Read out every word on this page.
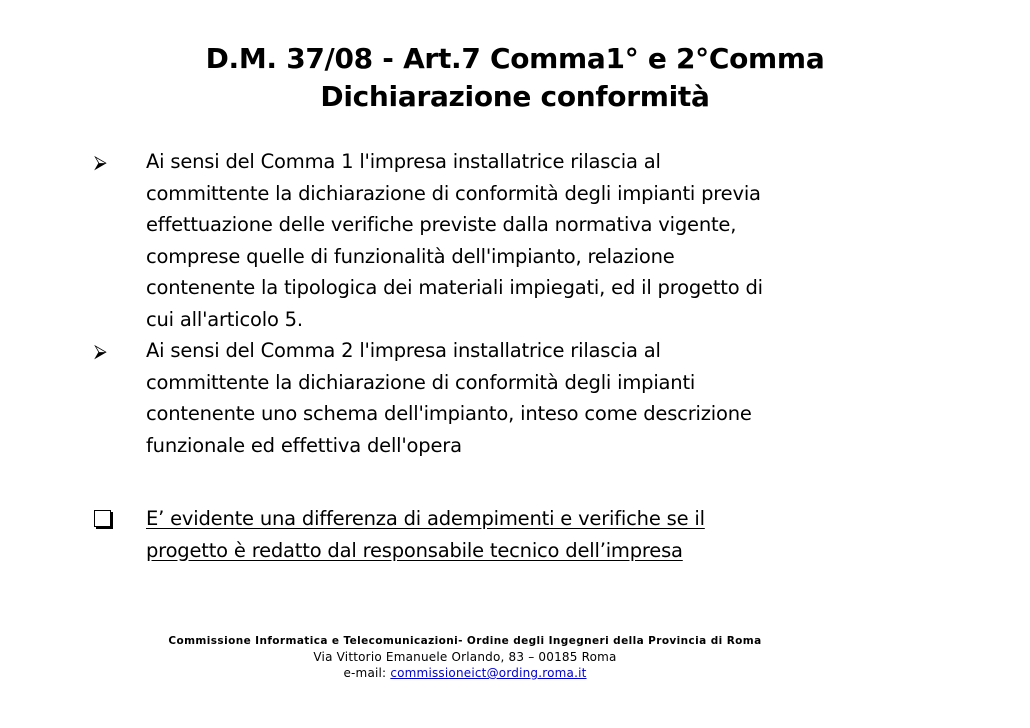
D.M. 37/08 - Art.7 Comma1° e 2°Comma
Dichiarazione conformità
⮚	Ai sensi del Comma 1 l'impresa installatrice rilascia al
committente la dichiarazione di conformità degli impianti previa
effettuazione delle verifiche previste dalla normativa vigente,
comprese quelle di funzionalità dell'impianto, relazione
contenente la tipologica dei materiali impiegati, ed il progetto di
cui all'articolo 5.
⮚	Ai sensi del Comma 2 l'impresa installatrice rilascia al
committente la dichiarazione di conformità degli impianti
contenente uno schema dell'impianto, inteso come descrizione
funzionale ed effettiva dell'opera
E’ evidente una differenza di adempimenti e verifiche se il
progetto è redatto dal responsabile tecnico dell’impresa
Commissione Informatica e Telecomunicazioni- Ordine degli Ingegneri della Provincia di Roma
Via Vittorio Emanuele Orlando, 83 – 00185 Roma
e-mail: commissioneict@ording.roma.it
